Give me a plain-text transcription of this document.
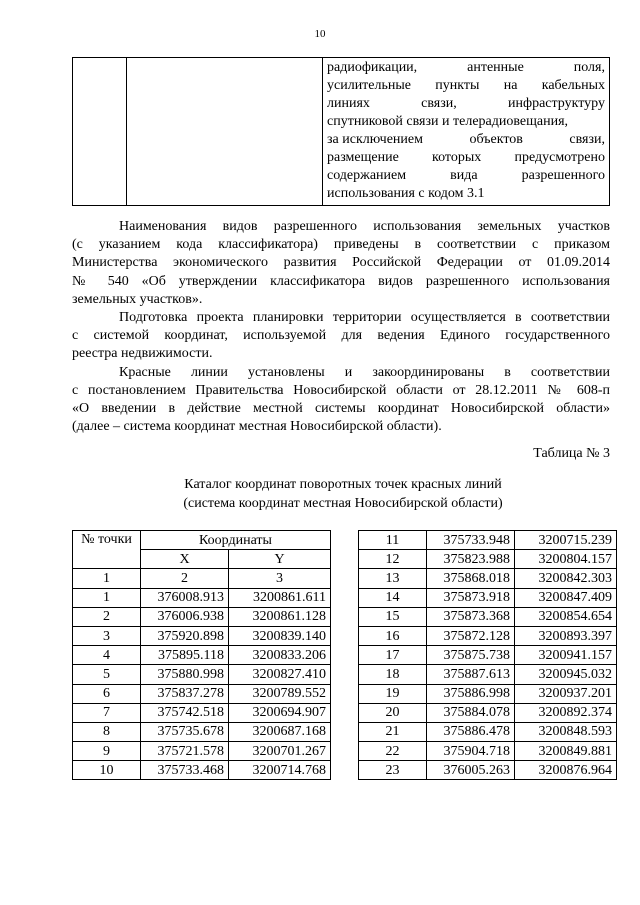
10

радиофикации,	антенные	поля,
усилительные пункты на кабельных
линиях	связи,	инфраструктуру
спутниковой связи и телерадиовещания,
за исключением	объектов	связи,
размещение которых предусмотрено
содержанием	вида	разрешенного
использования с кодом 3.1

Наименования видов разрешенного использования земельных участков
(с указанием кода классификатора) приведены в соответствии с приказом
Министерства экономического развития Российской Федерации от 01.09.2014
№ 540 «Об утверждении классификатора видов разрешенного использования
земельных участков».

Подготовка проекта планировки территории осуществляется в соответствии
с системой координат, используемой для ведения Единого государственного
реестра недвижимости.

Красные линии установлены и закоординированы в соответствии
с постановлением Правительства Новосибирской области от 28.12.2011 № 608-п
«О введении в действие местной системы координат Новосибирской области»
(далее – система координат местная Новосибирской области).

Таблица № 3
Каталог координат поворотных точек красных линий
(система координат местная Новосибирской области)
№ точки	Координаты	
	X	Y
1	2	3
1	376008.913	3200861.611
2	376006.938	3200861.128
3	375920.898	3200839.140
4	375895.118	3200833.206
5	375880.998	3200827.410
6	375837.278	3200789.552
7	375742.518	3200694.907
8	375735.678	3200687.168
9	375721.578	3200701.267
10	375733.468	3200714.768
11	375733.948	3200715.239
12	375823.988	3200804.157
13	375868.018	3200842.303
14	375873.918	3200847.409
15	375873.368	3200854.654
16	375872.128	3200893.397
17	375875.738	3200941.157
18	375887.613	3200945.032
19	375886.998	3200937.201
20	375884.078	3200892.374
21	375886.478	3200848.593
22	375904.718	3200849.881
23	376005.263	3200876.964
